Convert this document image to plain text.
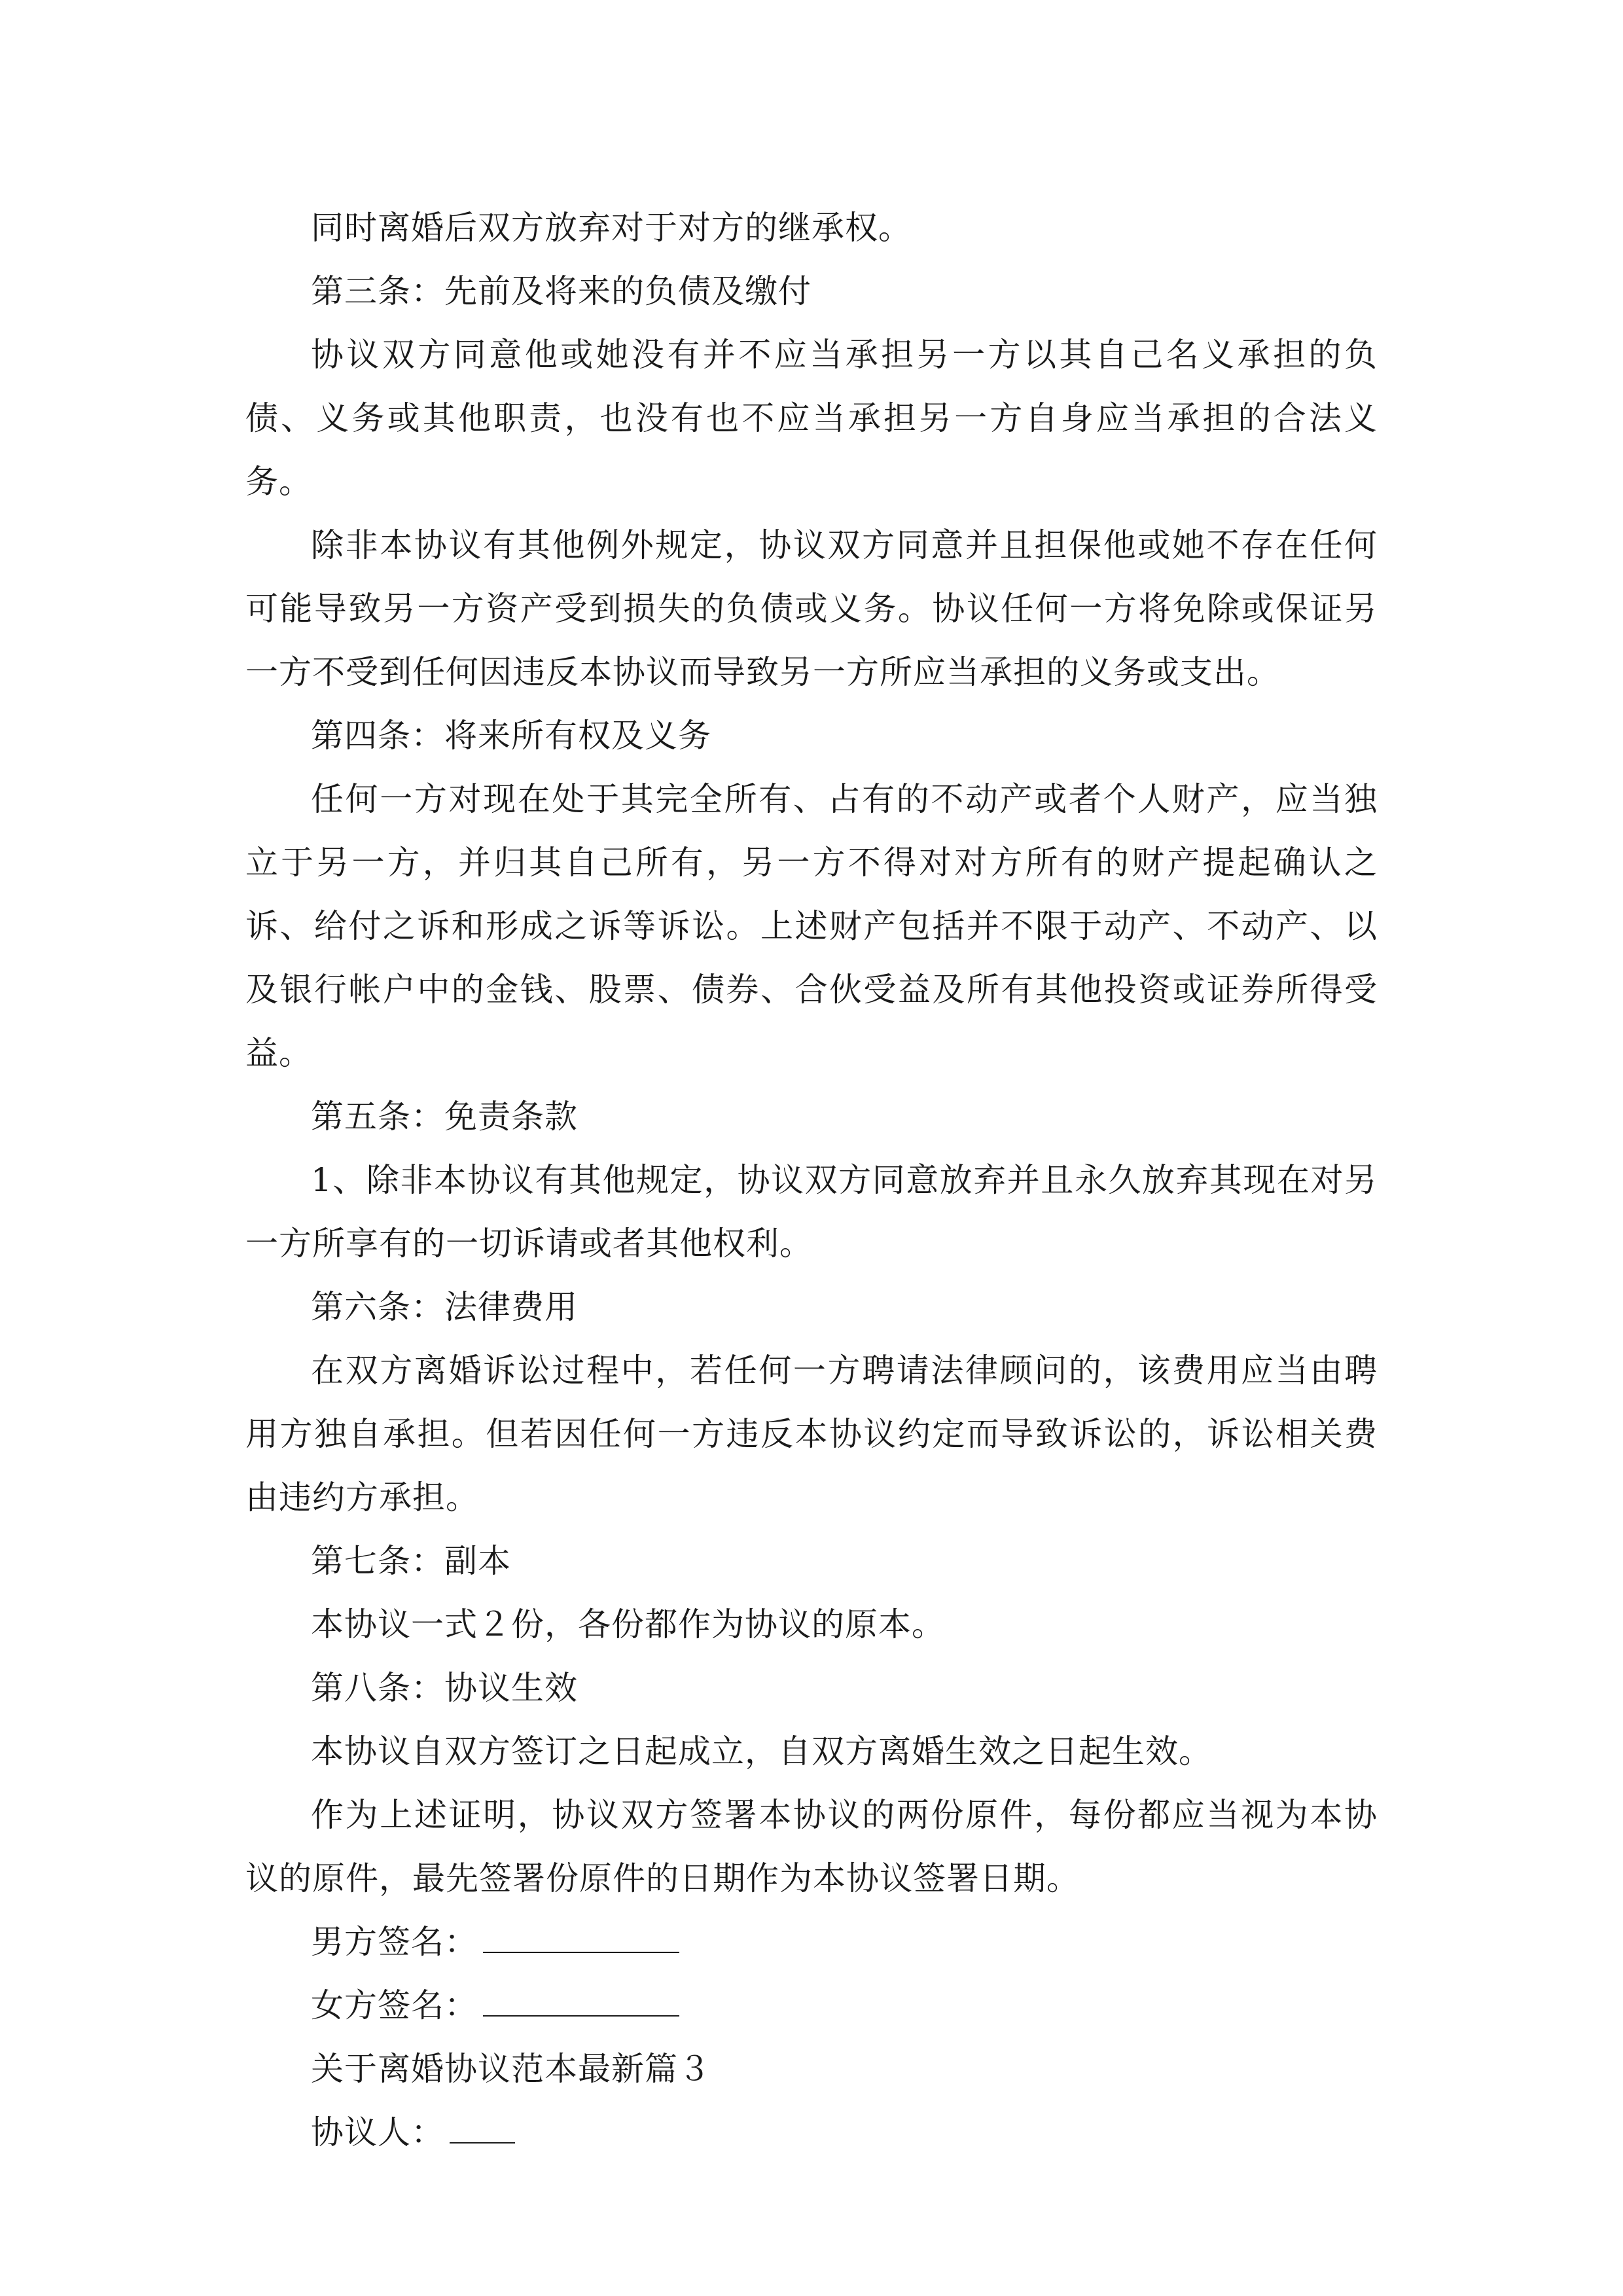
同时离婚后双方放弃对于对方的继承权。

第三条：先前及将来的负债及缴付

协议双方同意他或她没有并不应当承担另一方以其自己名义承担的负债、义务或其他职责，也没有也不应当承担另一方自身应当承担的合法义务。

除非本协议有其他例外规定，协议双方同意并且担保他或她不存在任何可能导致另一方资产受到损失的负债或义务。协议任何一方将免除或保证另一方不受到任何因违反本协议而导致另一方所应当承担的义务或支出。

第四条：将来所有权及义务

任何一方对现在处于其完全所有、占有的不动产或者个人财产，应当独立于另一方，并归其自己所有，另一方不得对对方所有的财产提起确认之诉、给付之诉和形成之诉等诉讼。上述财产包括并不限于动产、不动产、以及银行帐户中的金钱、股票、债券、合伙受益及所有其他投资或证券所得受益。

第五条：免责条款

1、除非本协议有其他规定，协议双方同意放弃并且永久放弃其现在对另一方所享有的一切诉请或者其他权利。

第六条：法律费用

在双方离婚诉讼过程中，若任何一方聘请法律顾问的，该费用应当由聘用方独自承担。但若因任何一方违反本协议约定而导致诉讼的，诉讼相关费由违约方承担。

第七条：副本

本协议一式２份，各份都作为协议的原本。

第八条：协议生效

本协议自双方签订之日起成立，自双方离婚生效之日起生效。

作为上述证明，协议双方签署本协议的两份原件，每份都应当视为本协议的原件，最先签署份原件的日期作为本协议签署日期。

男方签名：

女方签名：

关于离婚协议范本最新篇３

协议人：
